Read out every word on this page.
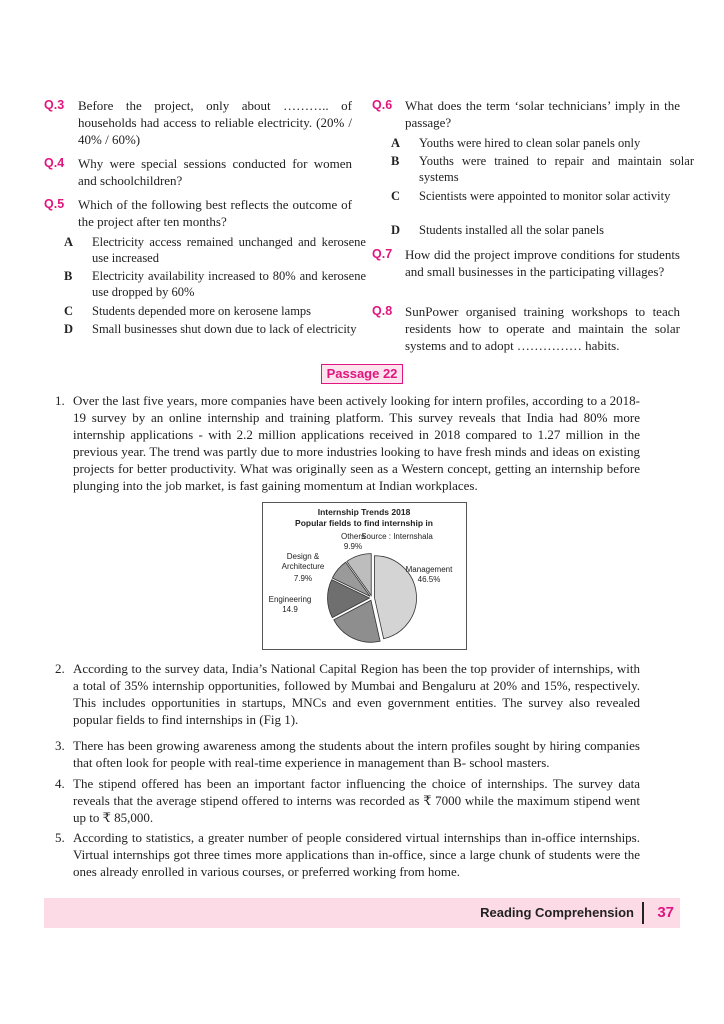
Q.3 Before the project, only about ……….. of households had access to reliable electricity. (20% / 40% / 60%)
Q.4 Why were special sessions conducted for women and schoolchildren?
Q.5 Which of the following best reflects the outcome of the project after ten months?
A Electricity access remained unchanged and kerosene use increased
B Electricity availability increased to 80% and kerosene use dropped by 60%
C Students depended more on kerosene lamps
D Small businesses shut down due to lack of electricity
Q.6 What does the term ‘solar technicians’ imply in the passage?
A Youths were hired to clean solar panels only
B Youths were trained to repair and maintain solar systems
C Scientists were appointed to monitor solar activity
D Students installed all the solar panels
Q.7 How did the project improve conditions for students and small businesses in the participating villages?
Q.8 SunPower organised training workshops to teach residents how to operate and maintain the solar systems and to adopt …………… habits.
Passage 22
1. Over the last five years, more companies have been actively looking for intern profiles, according to a 2018-19 survey by an online internship and training platform. This survey reveals that India had 80% more internship applications - with 2.2 million applications received in 2018 compared to 1.27 million in the previous year. The trend was partly due to more industries looking to have fresh minds and ideas on existing projects for better productivity. What was originally seen as a Western concept, getting an internship before plunging into the job market, is fast gaining momentum at Indian workplaces.
Internship Trends 2018
Popular fields to find internship in
Source : Internshala
Management
46.5%
Engineering
14.9
Design &
Architecture
7.9%
Others
9.9%
2. According to the survey data, India’s National Capital Region has been the top provider of internships, with a total of 35% internship opportunities, followed by Mumbai and Bengaluru at 20% and 15%, respectively. This includes opportunities in startups, MNCs and even government entities. The survey also revealed popular fields to find internships in (Fig 1).
3. There has been growing awareness among the students about the intern profiles sought by hiring companies that often look for people with real-time experience in management than B- school masters.
4. The stipend offered has been an important factor influencing the choice of internships. The survey data reveals that the average stipend offered to interns was recorded as ₹ 7000 while the maximum stipend went up to ₹ 85,000.
5. According to statistics, a greater number of people considered virtual internships than in-office internships. Virtual internships got three times more applications than in-office, since a large chunk of students were the ones already enrolled in various courses, or preferred working from home.
Reading Comprehension 37
